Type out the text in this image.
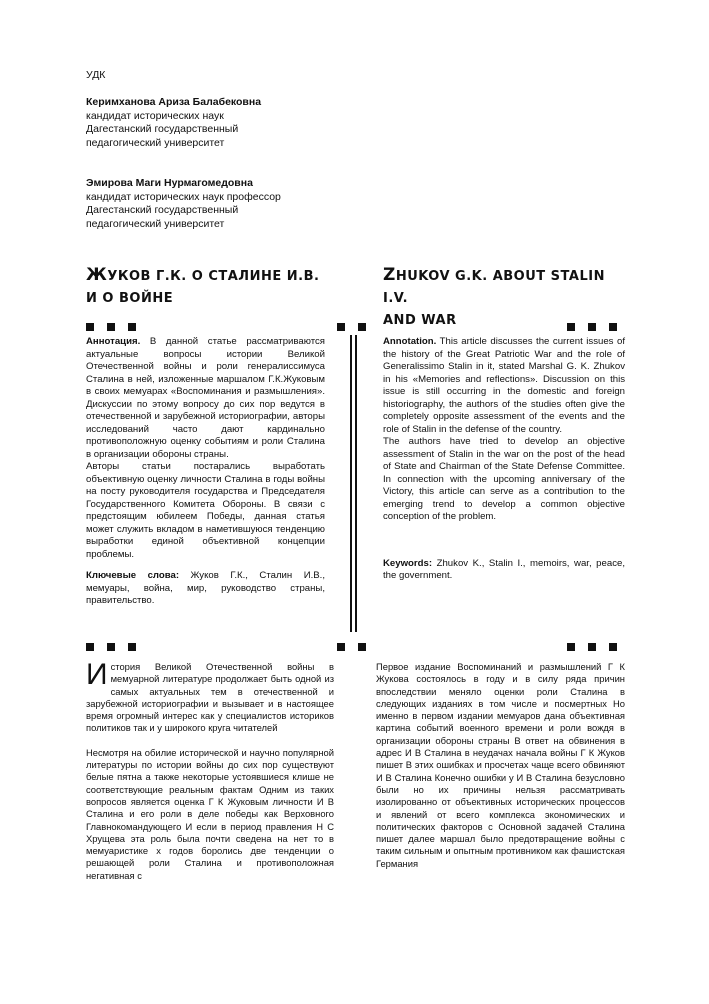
УДК
Керимханова Ариза Балабековна
кандидат исторических наук
Дагестанский государственный
педагогический университет
Эмирова Маги Нурмагомедовна
кандидат исторических наук профессор
Дагестанский государственный
педагогический университет
ЖУКОВ Г.К. О СТАЛИНЕ И.В.
И О ВОЙНЕ
ZHUKOV G.K. ABOUT STALIN I.V.
AND WAR
Аннотация. В данной статье рассматриваются актуальные вопросы истории Великой Отечественной войны и роли генералиссимуса Сталина в ней, изложенные маршалом Г.К.Жуковым в своих мемуарах «Воспоминания и размышления». Дискуссии по этому вопросу до сих пор ведутся в отечественной и зарубежной историографии, авторы исследований часто дают кардинально противоположную оценку событиям и роли Сталина в организации обороны страны.
Авторы статьи постарались выработать объективную оценку личности Сталина в годы войны на посту руководителя государства и Председателя Государственного Комитета Обороны. В связи с предстоящим юбилеем Победы, данная статья может служить вкладом в наметившуюся тенденцию выработки единой объективной концепции проблемы.
Ключевые слова: Жуков Г.К., Сталин И.В., мемуары, война, мир, руководство страны, правительство.
Annotation. This article discusses the current issues of the history of the Great Patriotic War and the role of Generalissimo Stalin in it, stated Marshal G. K. Zhukov in his «Memories and reflections». Discussion on this issue is still occurring in the domestic and foreign historiography, the authors of the studies often give the completely opposite assessment of the events and the role of Stalin in the defense of the country.
The authors have tried to develop an objective assessment of Stalin in the war on the post of the head of State and Chairman of the State Defense Committee. In connection with the upcoming anniversary of the Victory, this article can serve as a contribution to the emerging trend to develop a common objective conception of the problem.
Keywords: Zhukov K., Stalin I., memoirs, war, peace, the government.
История Великой Отечественной войны в мемуарной литературе продолжает быть одной из самых актуальных тем в отечественной и зарубежной историографии и вызывает и в настоящее время огромный интерес как у специалистов историков политиков так и у широкого круга читателей
Несмотря на обилие исторической и научно популярной литературы по истории войны до сих пор существуют белые пятна а также некоторые устоявшиеся клише не соответствующие реальным фактам Одним из таких вопросов является оценка Г К Жуковым личности И В Сталина и его роли в деле победы как Верховного Главнокомандующего И если в период правления Н С Хрущева эта роль была почти сведена на нет то в мемуаристике х годов боролись две тенденции о решающей роли Сталина и противоположная негативная с
Первое издание Воспоминаний и размышлений Г К Жукова состоялось в году и в силу ряда причин впоследствии меняло оценки роли Сталина в следующих изданиях в том числе и посмертных Но именно в первом издании мемуаров дана объективная картина событий военного времени и роли вождя в организации обороны страны В ответ на обвинения в адрес И В Сталина в неудачах начала войны Г К Жуков пишет В этих ошибках и просчетах чаще всего обвиняют И В Сталина Конечно ошибки у И В Сталина безусловно были но их причины нельзя рассматривать изолированно от объективных исторических процессов и явлений от всего комплекса экономических и политических факторов с Основной задачей Сталина пишет далее маршал было предотвращение войны с таким сильным и опытным противником как фашистская Германия
